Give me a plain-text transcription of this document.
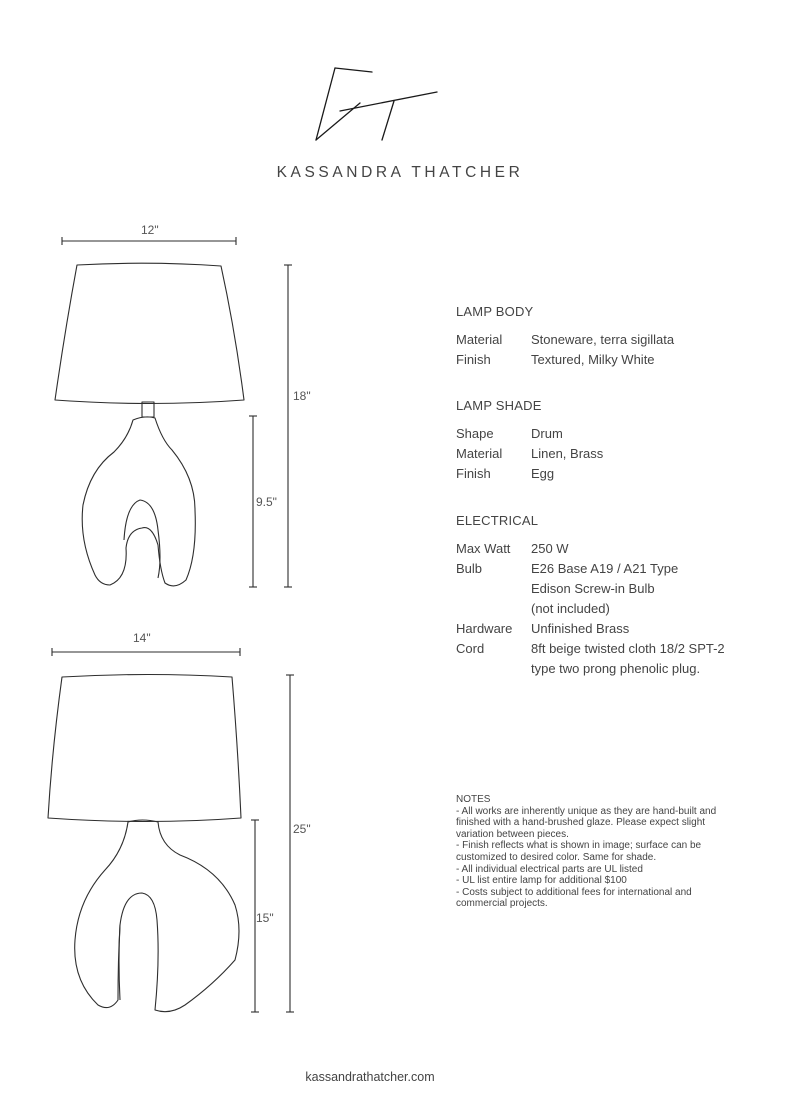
KASSANDRA THATCHER
12"
18"
9.5"
14"
25"
15"
LAMP BODY
Material	Stoneware, terra sigillata
Finish	Textured, Milky White
LAMP SHADE
Shape	Drum
Material	Linen, Brass
Finish	Egg
ELECTRICAL
Max Watt	250 W
Bulb	E26 Base A19 / A21 Type
Edison Screw-in Bulb
(not included)

Hardware	Unfinished Brass
Cord	8ft beige twisted cloth 18/2 SPT-2
type two prong phenolic plug.
NOTES
- All works are inherently unique as they are hand-built and
finished with a hand-brushed glaze. Please expect slight
variation between pieces.
- Finish reflects what is shown in image; surface can be
customized to desired color. Same for shade.
- All individual electrical parts are UL listed
- UL list entire lamp for additional $100
- Costs subject to additional fees for international and
commercial projects.
kassandrathatcher.com
